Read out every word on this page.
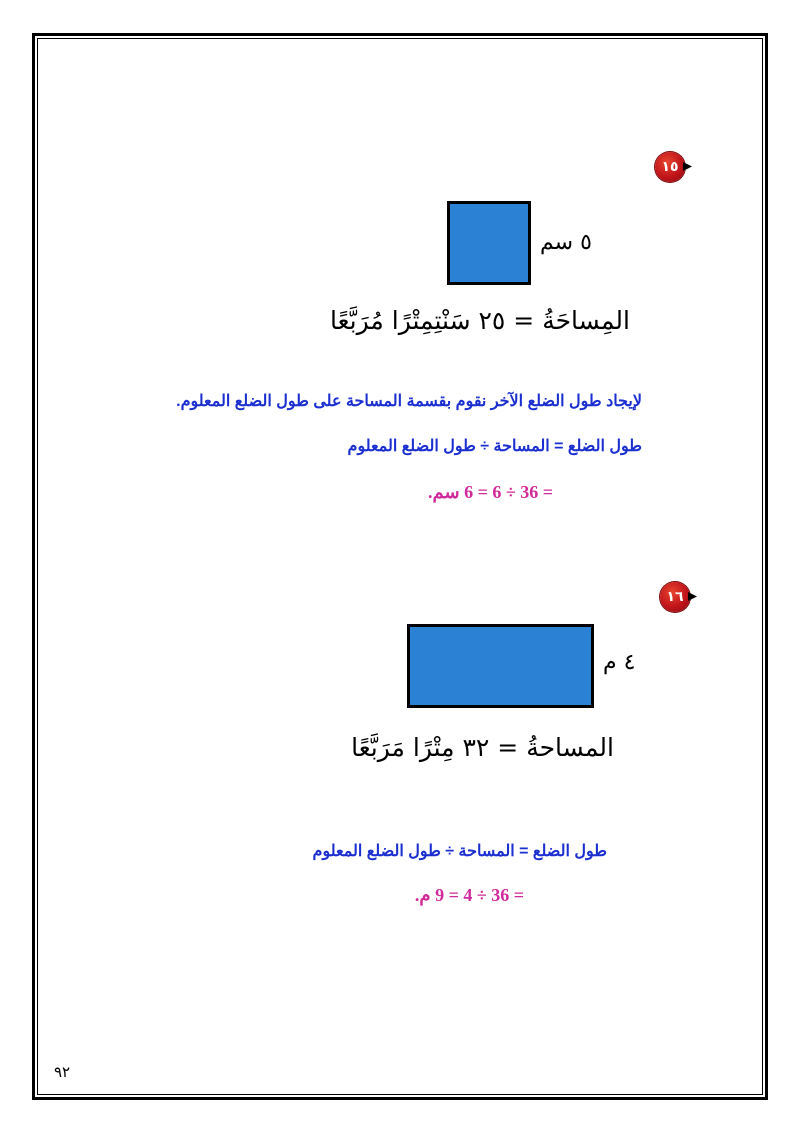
١٥
٥ سم
المِساحَةُ = ٢٥ سَنْتِمِتْرًا مُرَبَّعًا
لإيجاد طول الضلع الآخر نقوم بقسمة المساحة على طول الضلع المعلوم.
طول الضلع = المساحة ÷ طول الضلع المعلوم
= 36 ÷ 6 = 6 سم.
١٦
٤ م
المساحةُ = ٣٢ مِتْرًا مَرَبَّعًا
طول الضلع = المساحة ÷ طول الضلع المعلوم
= 36 ÷ 4 = 9 م.
٩٢
